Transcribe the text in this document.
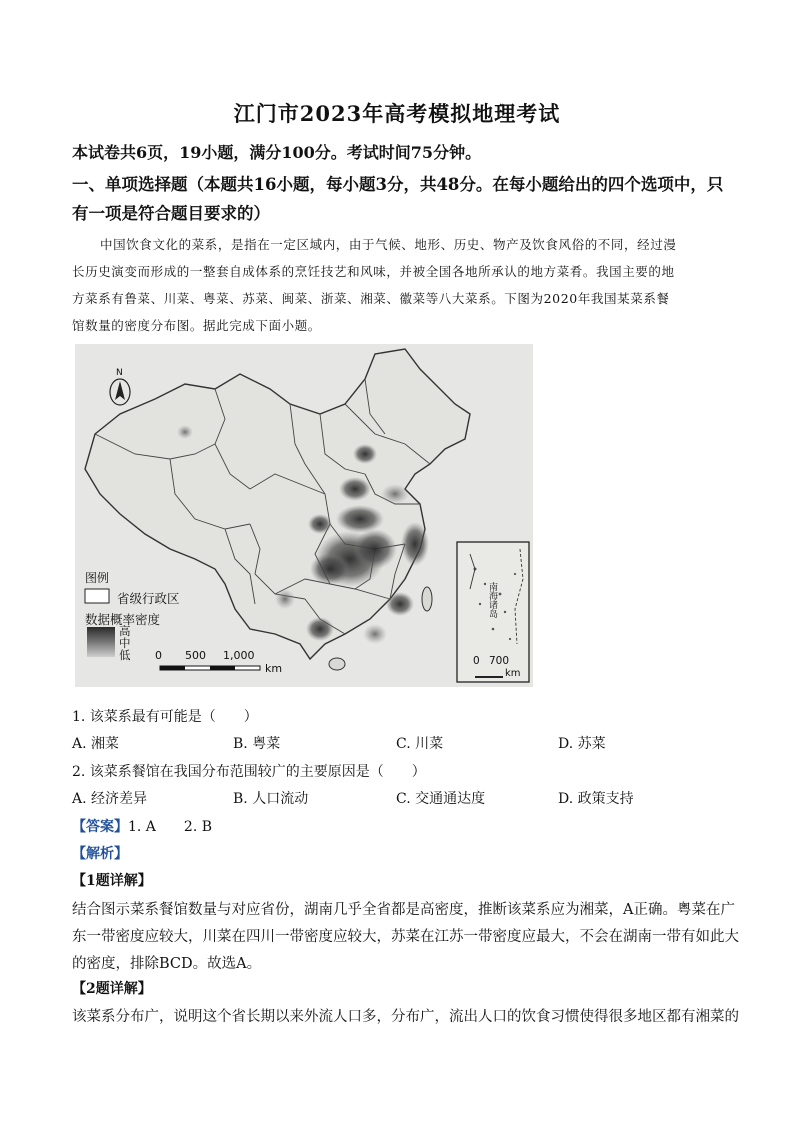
江门市2023年高考模拟地理考试
本试卷共6页，19小题，满分100分。考试时间75分钟。
一、单项选择题（本题共16小题，每小题3分，共48分。在每小题给出的四个选项中，只
有一项是符合题目要求的）
中国饮食文化的菜系，是指在一定区域内，由于气候、地形、历史、物产及饮食风俗的不同，经过漫
长历史演变而形成的一整套自成体系的烹饪技艺和风味，并被全国各地所承认的地方菜肴。我国主要的地
方菜系有鲁菜、川菜、粤菜、苏菜、闽菜、浙菜、湘菜、徽菜等八大菜系。下图为2020年我国某菜系餐
馆数量的密度分布图。据此完成下面小题。
N
图例
省级行政区
数据概率密度
高
中
低 0 500 1,000
km
南海诸岛
0 700
km
1. 该菜系最有可能是（　　）
A. 湘菜	B. 粤菜	C. 川菜	D. 苏菜
2. 该菜系餐馆在我国分布范围较广的主要原因是（　　）
A. 经济差异	B. 人口流动	C. 交通通达度	D. 政策支持
【答案】1. A　　2. B
【解析】
【1题详解】
结合图示菜系餐馆数量与对应省份，湖南几乎全省都是高密度，推断该菜系应为湘菜，A正确。粤菜在广
东一带密度应较大，川菜在四川一带密度应较大，苏菜在江苏一带密度应最大，不会在湖南一带有如此大
的密度，排除BCD。故选A。
【2题详解】
该菜系分布广，说明这个省长期以来外流人口多，分布广，流出人口的饮食习惯使得很多地区都有湘菜的
